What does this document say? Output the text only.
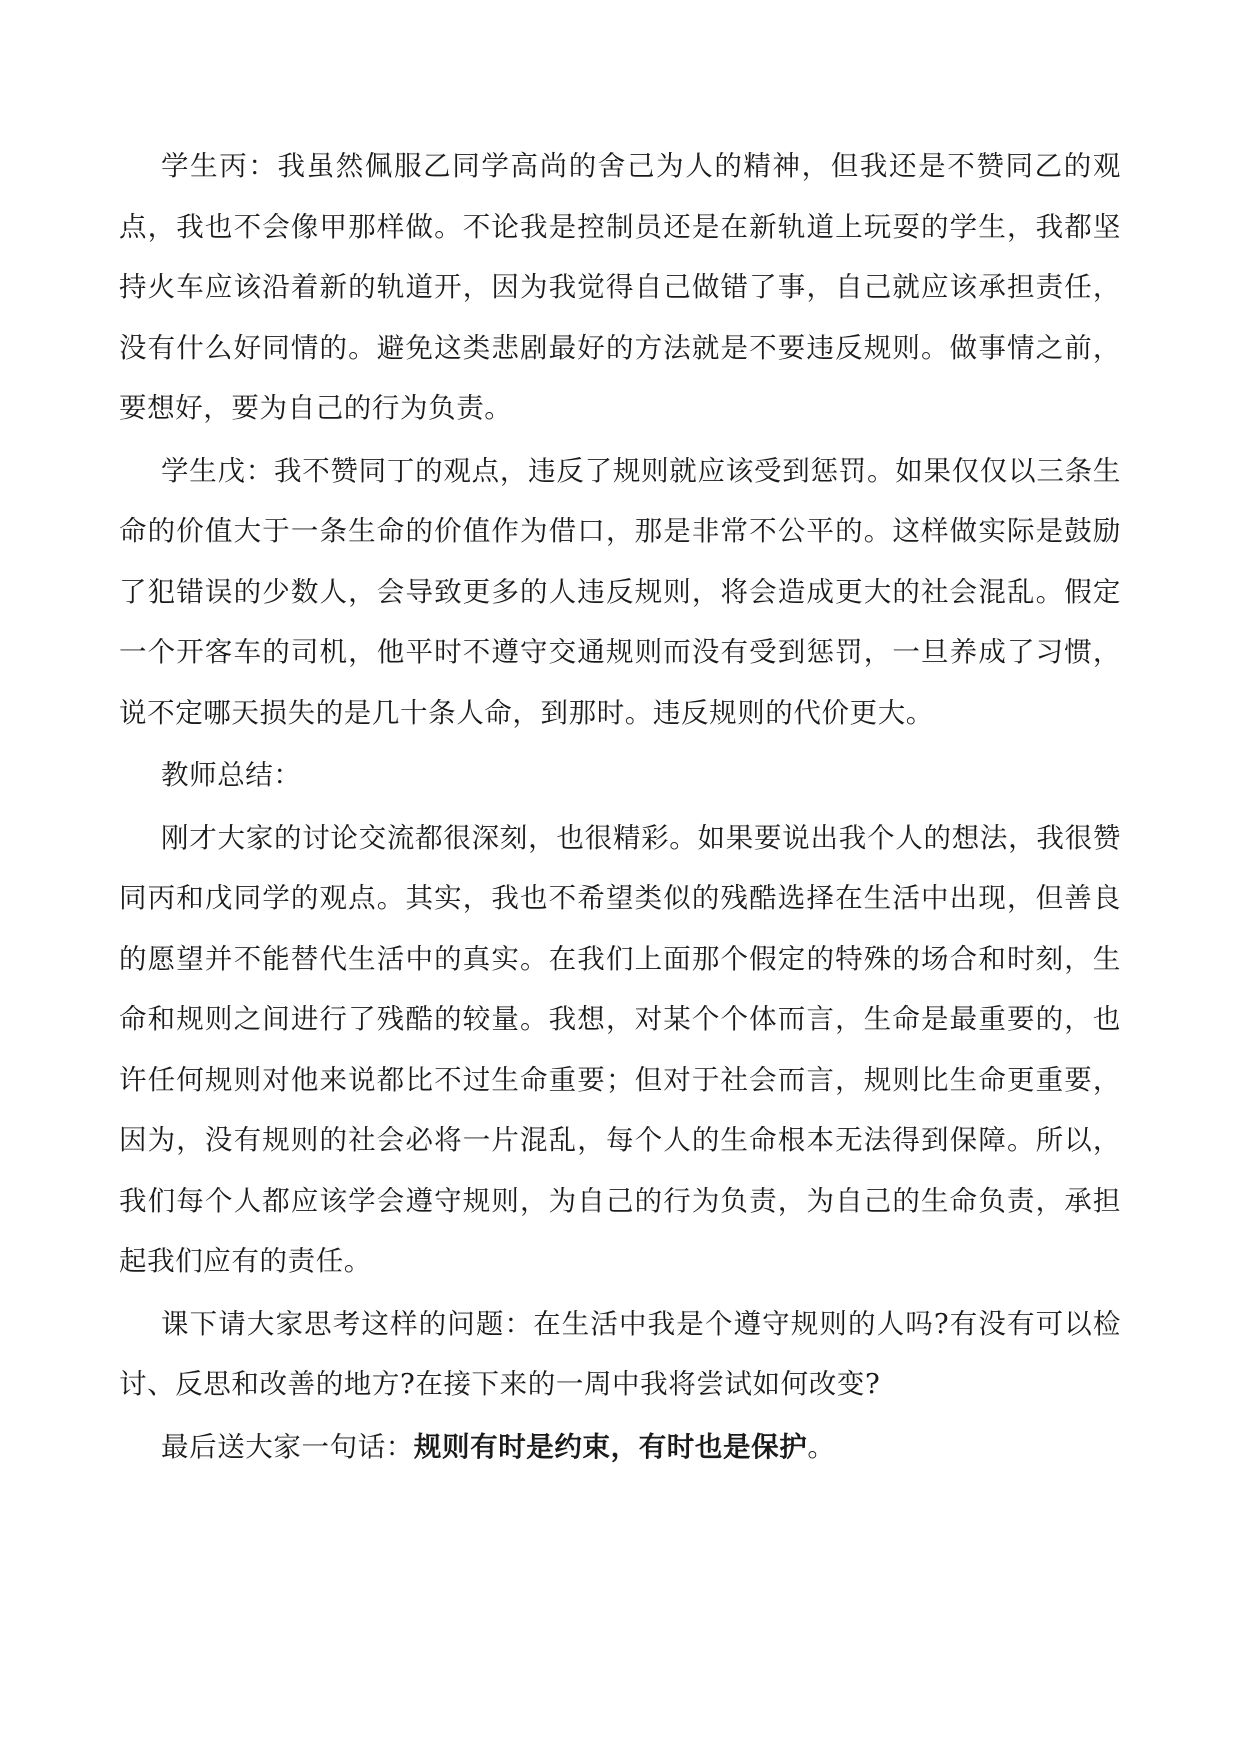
学生丙：我虽然佩服乙同学高尚的舍己为人的精神，但我还是不赞同乙的观点，我也不会像甲那样做。不论我是控制员还是在新轨道上玩耍的学生，我都坚持火车应该沿着新的轨道开，因为我觉得自己做错了事，自己就应该承担责任，没有什么好同情的。避免这类悲剧最好的方法就是不要违反规则。做事情之前，要想好，要为自己的行为负责。

学生戊：我不赞同丁的观点，违反了规则就应该受到惩罚。如果仅仅以三条生命的价值大于一条生命的价值作为借口，那是非常不公平的。这样做实际是鼓励了犯错误的少数人，会导致更多的人违反规则，将会造成更大的社会混乱。假定一个开客车的司机，他平时不遵守交通规则而没有受到惩罚，一旦养成了习惯，说不定哪天损失的是几十条人命，到那时。违反规则的代价更大。

教师总结：

刚才大家的讨论交流都很深刻，也很精彩。如果要说出我个人的想法，我很赞同丙和戊同学的观点。其实，我也不希望类似的残酷选择在生活中出现，但善良的愿望并不能替代生活中的真实。在我们上面那个假定的特殊的场合和时刻，生命和规则之间进行了残酷的较量。我想，对某个个体而言，生命是最重要的，也许任何规则对他来说都比不过生命重要；但对于社会而言，规则比生命更重要，因为，没有规则的社会必将一片混乱，每个人的生命根本无法得到保障。所以，我们每个人都应该学会遵守规则，为自己的行为负责，为自己的生命负责，承担起我们应有的责任。

课下请大家思考这样的问题：在生活中我是个遵守规则的人吗?有没有可以检讨、反思和改善的地方?在接下来的一周中我将尝试如何改变?

最后送大家一句话：规则有时是约束，有时也是保护。
